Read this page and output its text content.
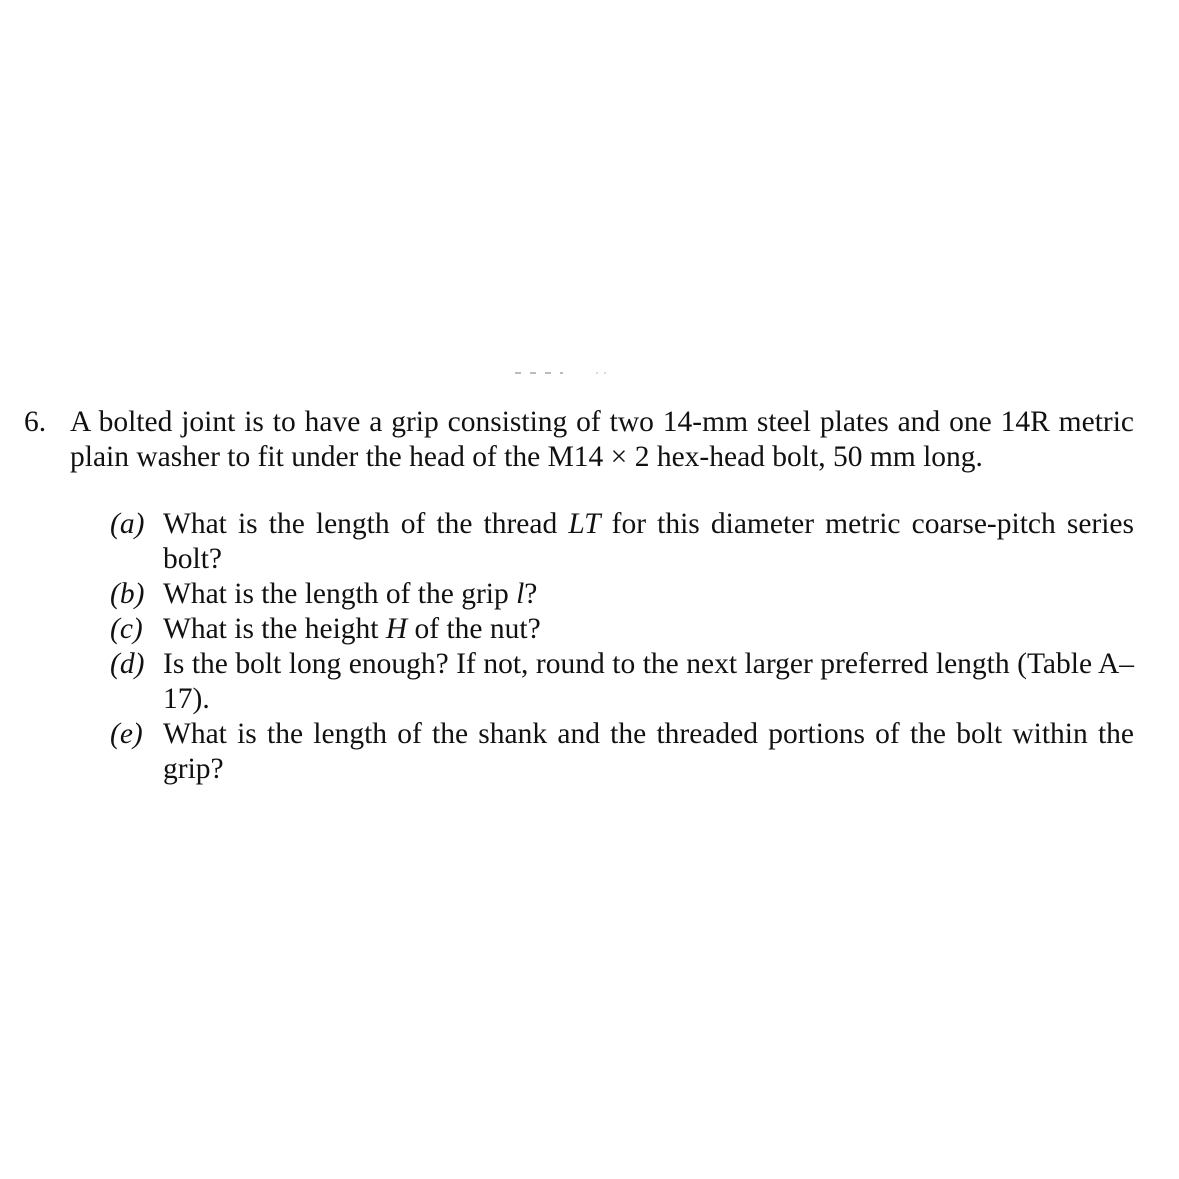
6. A bolted joint is to have a grip consisting of two 14-mm steel plates and one 14R metric plain washer to fit under the head of the M14 × 2 hex-head bolt, 50 mm long.
(a) What is the length of the thread LT for this diameter metric coarse-pitch series bolt?
(b) What is the length of the grip l?
(c) What is the height H of the nut?
(d) Is the bolt long enough? If not, round to the next larger preferred length (Table A–17).
(e) What is the length of the shank and the threaded portions of the bolt within the grip?
